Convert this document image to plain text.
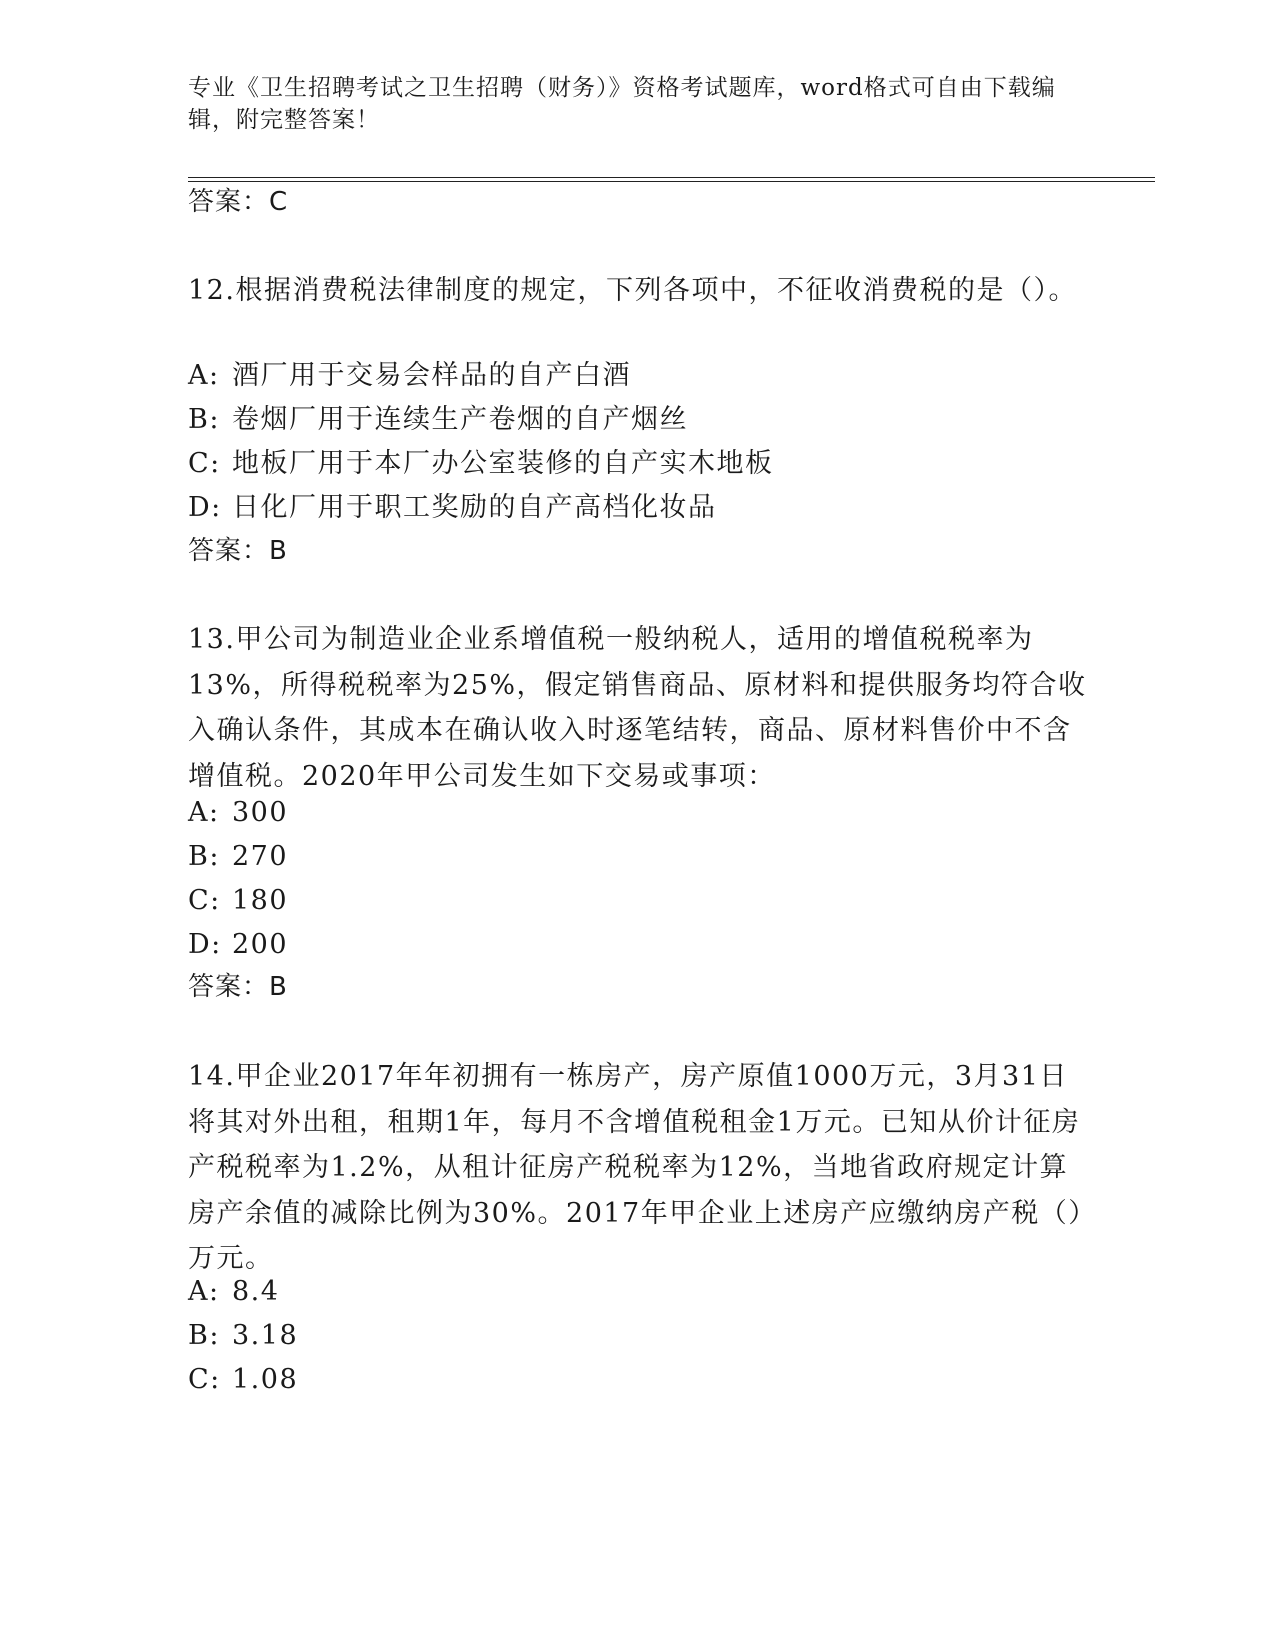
专业《卫生招聘考试之卫生招聘（财务）》资格考试题库，word格式可自由下载编辑，附完整答案！
答案：C
12.根据消费税法律制度的规定，下列各项中，不征收消费税的是（）。
A: 酒厂用于交易会样品的自产白酒
B: 卷烟厂用于连续生产卷烟的自产烟丝
C: 地板厂用于本厂办公室装修的自产实木地板
D: 日化厂用于职工奖励的自产高档化妆品
答案：B
13.甲公司为制造业企业系增值税一般纳税人，适用的增值税税率为13%，所得税税率为25%，假定销售商品、原材料和提供服务均符合收入确认条件，其成本在确认收入时逐笔结转，商品、原材料售价中不含增值税。2020年甲公司发生如下交易或事项：
A: 300
B: 270
C: 180
D: 200
答案：B
14.甲企业2017年年初拥有一栋房产，房产原值1000万元，3月31日将其对外出租，租期1年，每月不含增值税租金1万元。已知从价计征房产税税率为1.2%，从租计征房产税税率为12%，当地省政府规定计算房产余值的减除比例为30%。2017年甲企业上述房产应缴纳房产税（）万元。
A: 8.4
B: 3.18
C: 1.08
